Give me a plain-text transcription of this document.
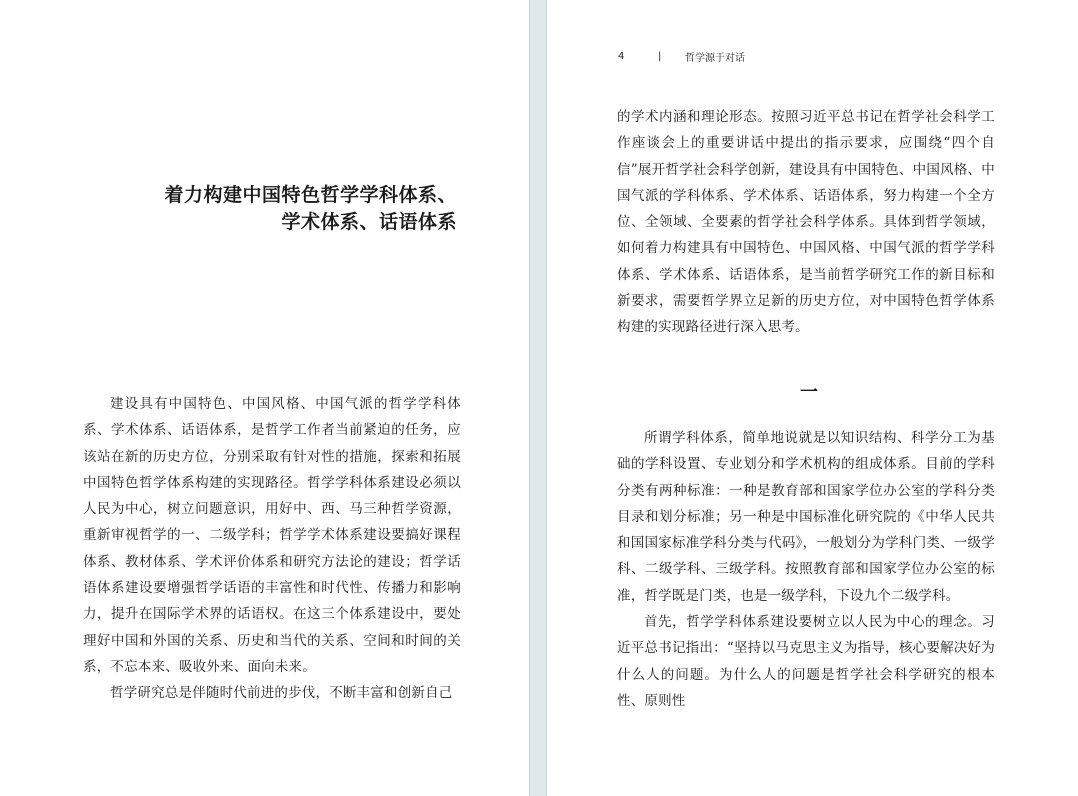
着力构建中国特色哲学学科体系、
学术体系、话语体系

建设具有中国特色、中国风格、中国气派的哲学学科体系、学术体系、话语体系，是哲学工作者当前紧迫的任务，应该站在新的历史方位，分别采取有针对性的措施，探索和拓展中国特色哲学体系构建的实现路径。哲学学科体系建设必须以人民为中心，树立问题意识，用好中、西、马三种哲学资源，重新审视哲学的一、二级学科；哲学学术体系建设要搞好课程体系、教材体系、学术评价体系和研究方法论的建设；哲学话语体系建设要增强哲学话语的丰富性和时代性、传播力和影响力，提升在国际学术界的话语权。在这三个体系建设中，要处理好中国和外国的关系、历史和当代的关系、空间和时间的关系，不忘本来、吸收外来、面向未来。

哲学研究总是伴随时代前进的步伐，不断丰富和创新自己

4	|	哲学源于对话

的学术内涵和理论形态。按照习近平总书记在哲学社会科学工作座谈会上的重要讲话中提出的指示要求，应围绕“四个自信”展开哲学社会科学创新，建设具有中国特色、中国风格、中国气派的学科体系、学术体系、话语体系，努力构建一个全方位、全领域、全要素的哲学社会科学体系。具体到哲学领域，如何着力构建具有中国特色、中国风格、中国气派的哲学学科体系、学术体系、话语体系，是当前哲学研究工作的新目标和新要求，需要哲学界立足新的历史方位，对中国特色哲学体系构建的实现路径进行深入思考。

一

所谓学科体系，简单地说就是以知识结构、科学分工为基础的学科设置、专业划分和学术机构的组成体系。目前的学科分类有两种标准：一种是教育部和国家学位办公室的学科分类目录和划分标准；另一种是中国标准化研究院的《中华人民共和国国家标准学科分类与代码》，一般划分为学科门类、一级学科、二级学科、三级学科。按照教育部和国家学位办公室的标准，哲学既是门类，也是一级学科，下设九个二级学科。

首先，哲学学科体系建设要树立以人民为中心的理念。习近平总书记指出：“坚持以马克思主义为指导，核心要解决好为什么人的问题。为什么人的问题是哲学社会科学研究的根本性、原则性
